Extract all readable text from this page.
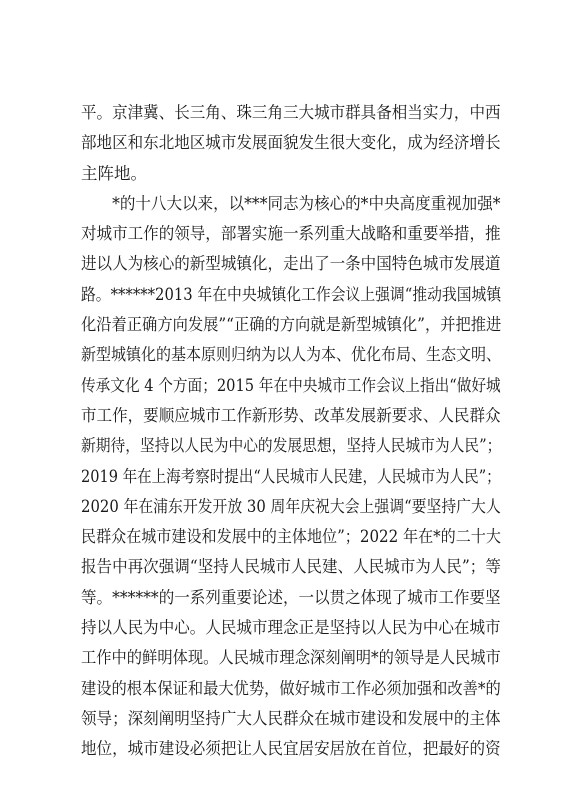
平。京津冀、长三角、珠三角三大城市群具备相当实力，中西
部地区和东北地区城市发展面貌发生很大变化，成为经济增长
主阵地。
　　*的十八大以来，以***同志为核心的*中央高度重视加强*
对城市工作的领导，部署实施一系列重大战略和重要举措，推
进以人为核心的新型城镇化，走出了一条中国特色城市发展道
路。******2013 年在中央城镇化工作会议上强调“推动我国城镇
化沿着正确方向发展”“正确的方向就是新型城镇化”，并把推进
新型城镇化的基本原则归纳为以人为本、优化布局、生态文明、
传承文化 4 个方面；2015 年在中央城市工作会议上指出“做好城
市工作，要顺应城市工作新形势、改革发展新要求、人民群众
新期待，坚持以人民为中心的发展思想，坚持人民城市为人民”；
2019 年在上海考察时提出“人民城市人民建，人民城市为人民”；
2020 年在浦东开发开放 30 周年庆祝大会上强调“要坚持广大人
民群众在城市建设和发展中的主体地位”；2022 年在*的二十大
报告中再次强调“坚持人民城市人民建、人民城市为人民”；等
等。******的一系列重要论述，一以贯之体现了城市工作要坚
持以人民为中心。人民城市理念正是坚持以人民为中心在城市
工作中的鲜明体现。人民城市理念深刻阐明*的领导是人民城市
建设的根本保证和最大优势，做好城市工作必须加强和改善*的
领导；深刻阐明坚持广大人民群众在城市建设和发展中的主体
地位，城市建设必须把让人民宜居安居放在首位，把最好的资
